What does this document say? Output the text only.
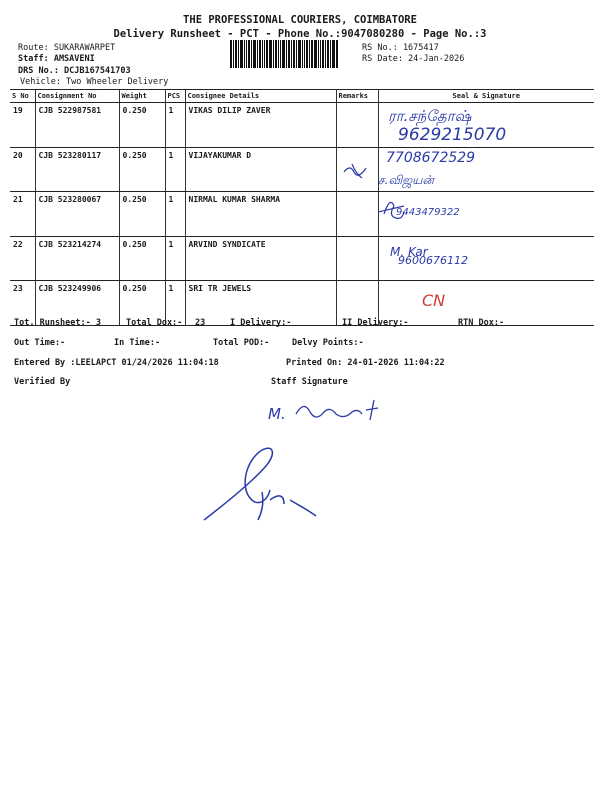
THE PROFESSIONAL COURIERS, COIMBATORE
Delivery Runsheet - PCT - Phone No.:9047080280 - Page No.:3
Route: SUKARAWARPET
Staff: AMSAVENI
DRS No.: DCJB167541703
Vehicle: Two Wheeler Delivery
RS No.: 1675417
RS Date: 24-Jan-2026
S No	Consignment No	Weight	PCS	Consignee Details	Remarks	Seal & Signature
19	CJB 522987581	0.250	1	VIKAS DILIP ZAVER		
20	CJB 523280117	0.250	1	VIJAYAKUMAR D		
21	CJB 523280067	0.250	1	NIRMAL KUMAR SHARMA		
22	CJB 523214274	0.250	1	ARVIND SYNDICATE		
23	CJB 523249906	0.250	1	SRI TR JEWELS		
Tot. Runsheet:- 3	Total Dox:- 23	I Delivery:-	II Delivery:-	RTN Dox:-
Out Time:-	In Time:-	Total POD:-	Delvy Points:-
Entered By :LEELAPCT 01/24/2026 11:04:18	Printed On: 24-01-2026 11:04:22
Verified By	Staff Signature
ரா.சந்தோஷ்
9629215070
7708672529
ச.விஜயன்
9443479322
M. Kar
9600676112
CN
M.
